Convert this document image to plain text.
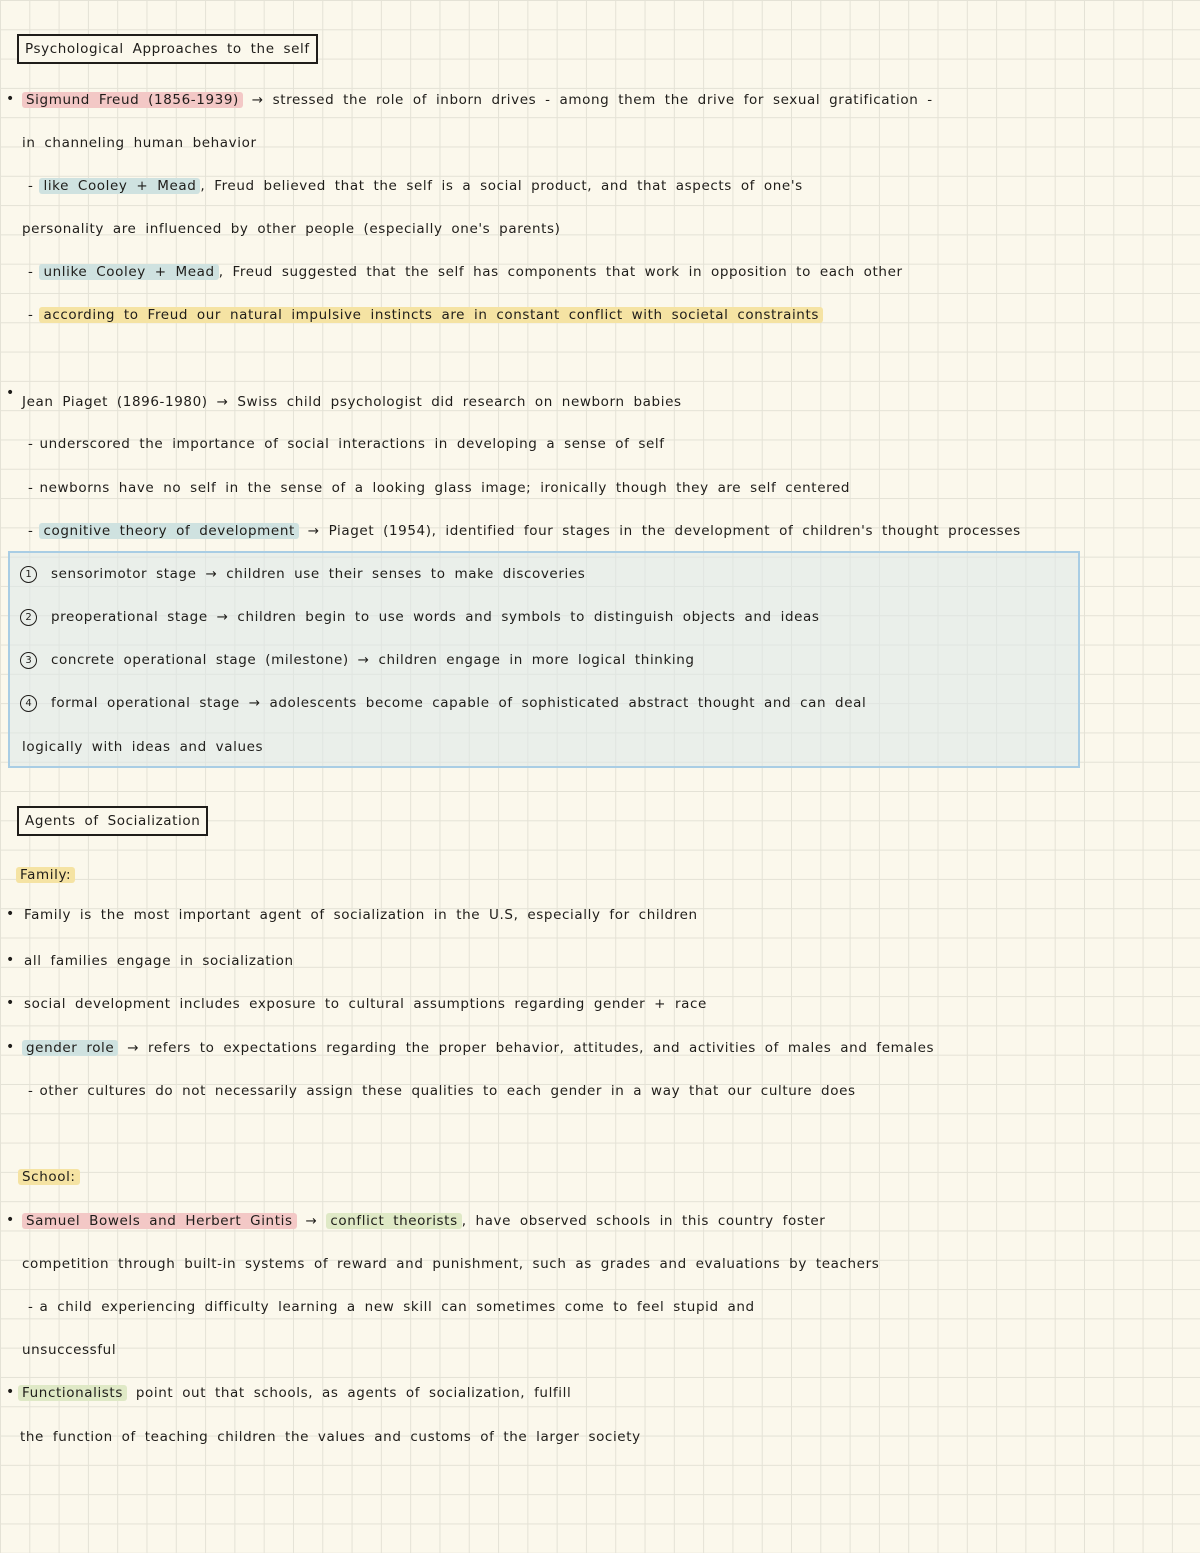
Psychological Approaches to the self
• Sigmund Freud (1856-1939) → stressed the role of inborn drives - among them the drive for sexual gratification -
in channeling human behavior
- like Cooley + Mead , Freud believed that the self is a social product, and that aspects of one's
personality are influenced by other people (especially one's parents)
- unlike Cooley + Mead , Freud suggested that the self has components that work in opposition to each other
- according to Freud our natural impulsive instincts are in constant conflict with societal constraints
•
Jean Piaget (1896-1980) → Swiss child psychologist did research on newborn babies
- underscored the importance of social interactions in developing a sense of self
- newborns have no self in the sense of a looking glass image; ironically though they are self centered
- cognitive theory of development → Piaget (1954), identified four stages in the development of children's thought processes
1 sensorimotor stage → children use their senses to make discoveries
2 preoperational stage → children begin to use words and symbols to distinguish objects and ideas
3 concrete operational stage (milestone) → children engage in more logical thinking
4 formal operational stage → adolescents become capable of sophisticated abstract thought and can deal
logically with ideas and values
Agents of Socialization
Family:
• Family is the most important agent of socialization in the U.S, especially for children
• all families engage in socialization
• social development includes exposure to cultural assumptions regarding gender + race
• gender role → refers to expectations regarding the proper behavior, attitudes, and activities of males and females
- other cultures do not necessarily assign these qualities to each gender in a way that our culture does
School:
• Samuel Bowels and Herbert Gintis → conflict theorists , have observed schools in this country foster
competition through built-in systems of reward and punishment, such as grades and evaluations by teachers
- a child experiencing difficulty learning a new skill can sometimes come to feel stupid and
unsuccessful
• Functionalists point out that schools, as agents of socialization, fulfill
the function of teaching children the values and customs of the larger society
